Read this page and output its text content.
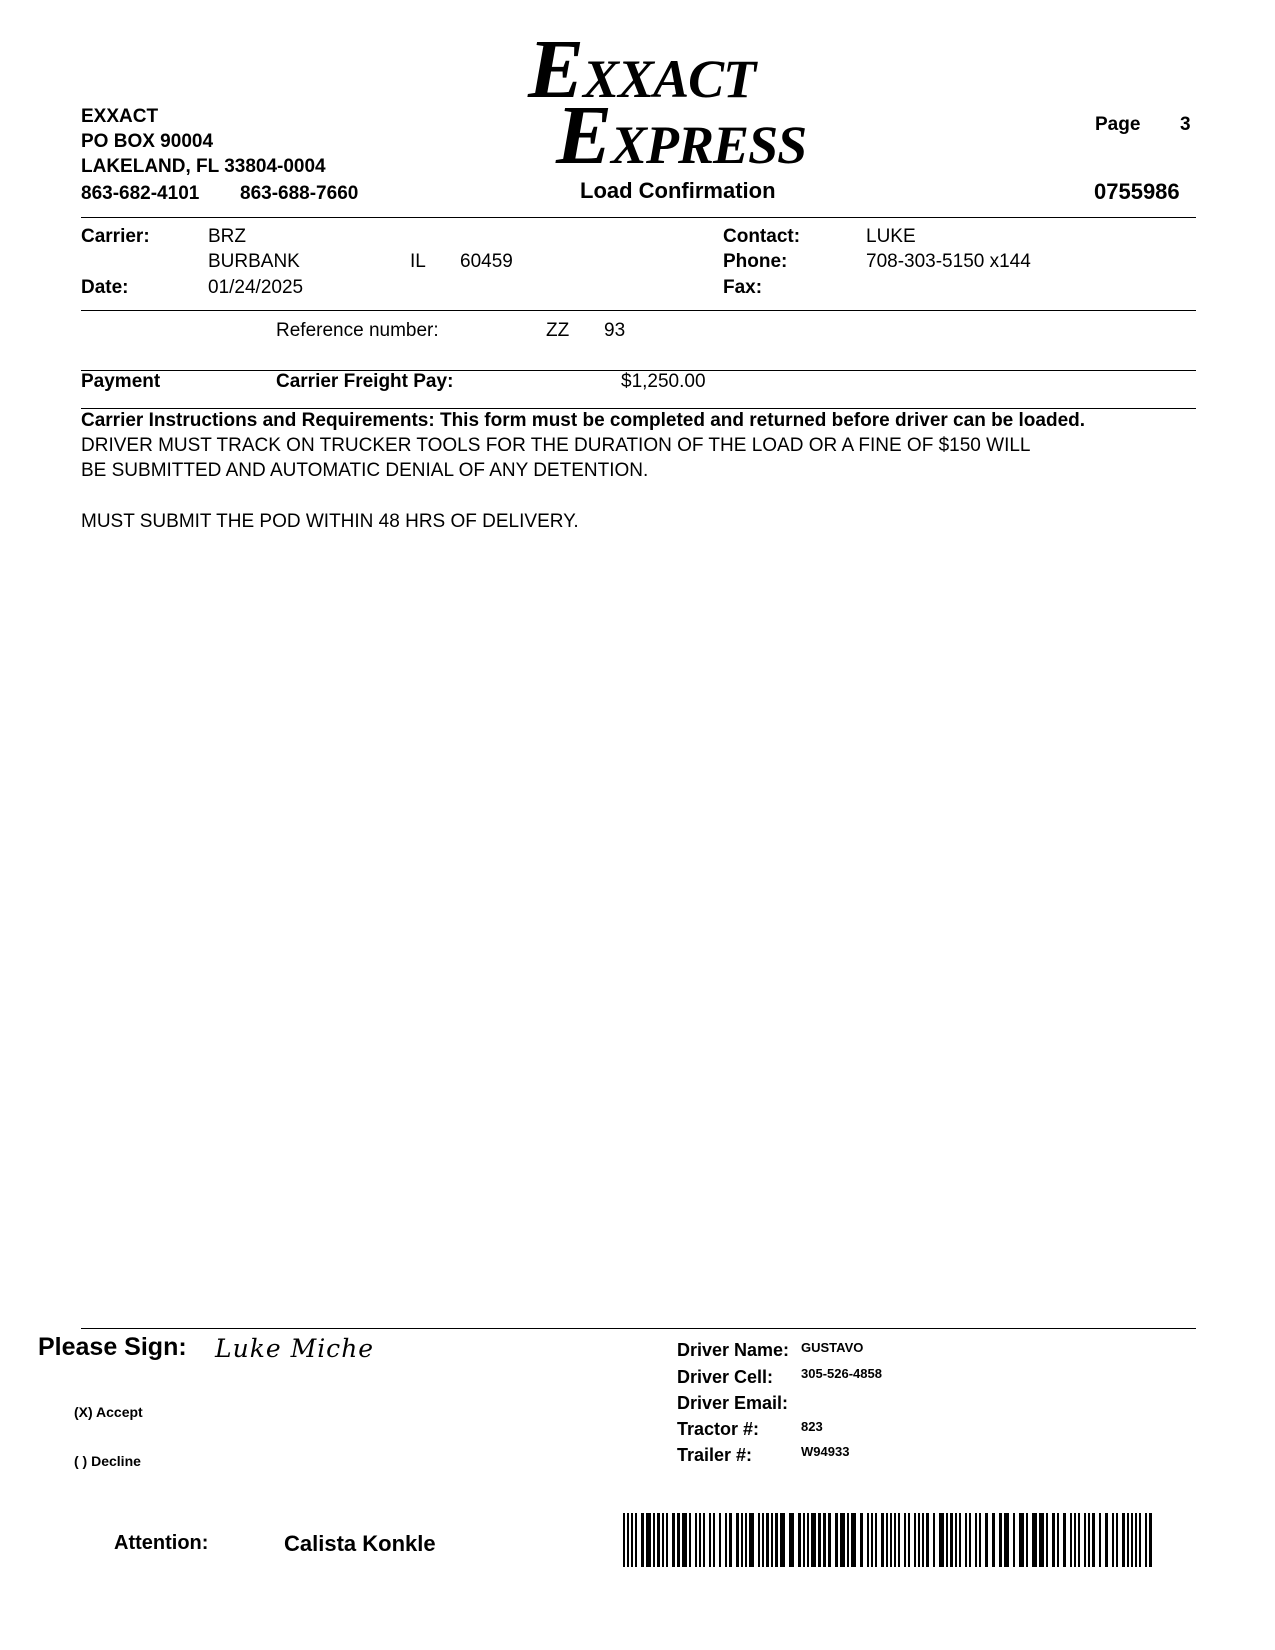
EXXACT
EXPRESS
EXXACT
PO BOX 90004
LAKELAND, FL 33804-0004
863-682-4101 863-688-7660
Page 3
Load Confirmation	0755986
Carrier:	BRZ
BURBANK	IL 60459
Date:	01/24/2025
Contact:	LUKE
Phone:	708-303-5150 x144
Fax:
Reference number:	ZZ 93
Payment	Carrier Freight Pay:	$1,250.00
Carrier Instructions and Requirements: This form must be completed and returned before driver can be loaded.
DRIVER MUST TRACK ON TRUCKER TOOLS FOR THE DURATION OF THE LOAD OR A FINE OF $150 WILL
BE SUBMITTED AND AUTOMATIC DENIAL OF ANY DETENTION.
MUST SUBMIT THE POD WITHIN 48 HRS OF DELIVERY.
Please Sign: Luke Miche
(X) Accept
( ) Decline
Driver Name: GUSTAVO
Driver Cell: 305-526-4858
Driver Email:
Tractor #:	823
Trailer #:	W94933
Attention:	Calista Konkle
